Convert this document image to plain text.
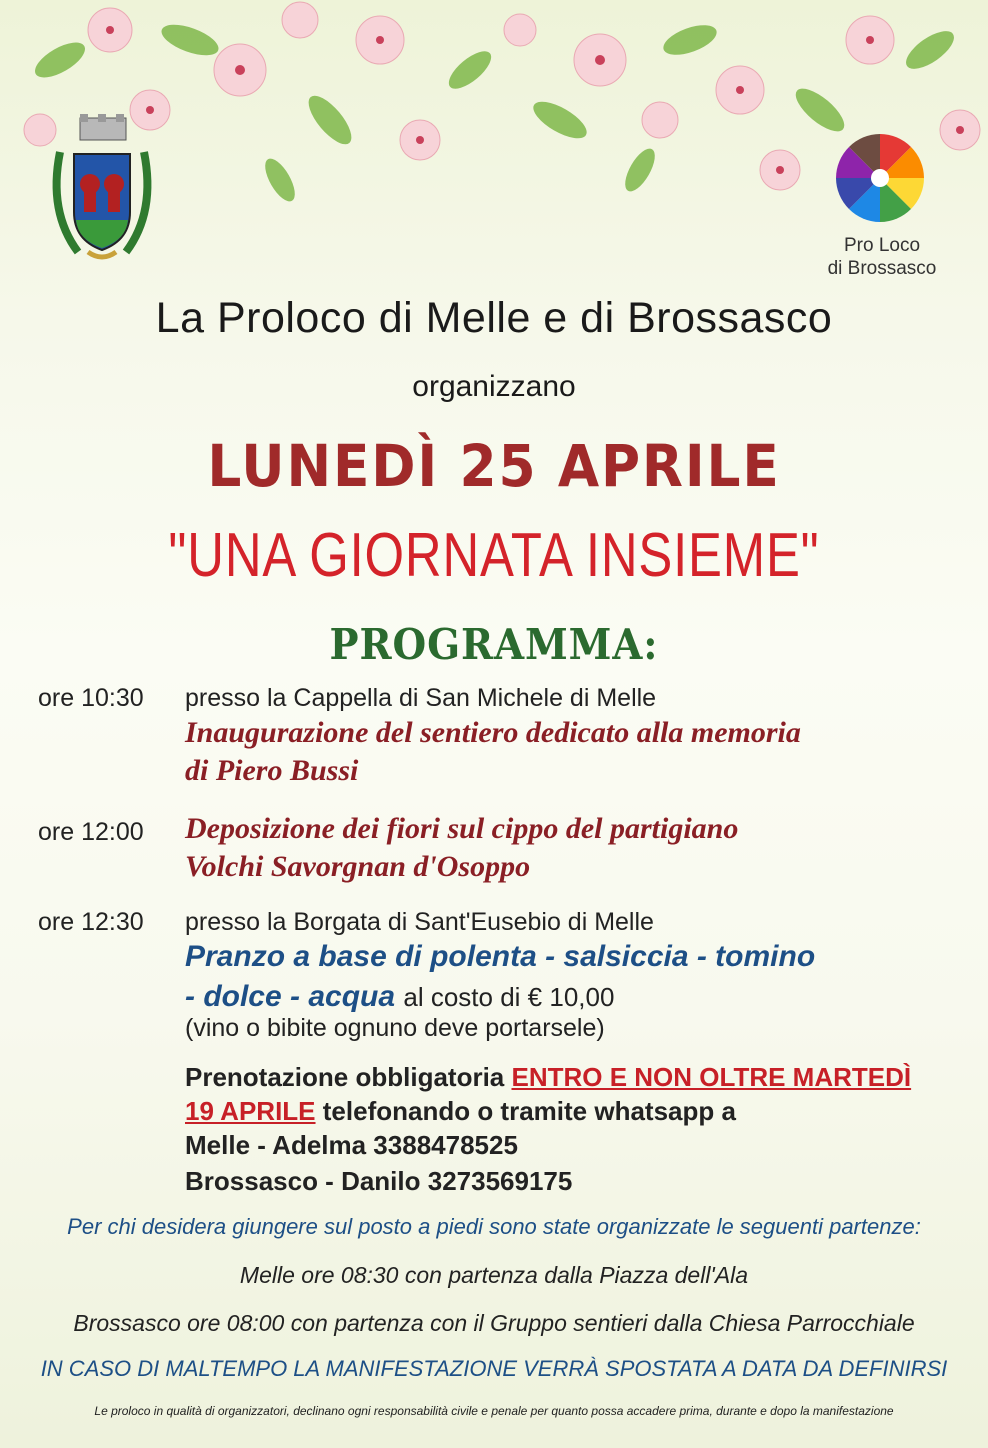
Pro Loco
di Brossasco
La Proloco di Melle e di Brossasco
organizzano
LUNEDÌ 25 APRILE
"UNA GIORNATA INSIEME"
PROGRAMMA:
ore 10:30 presso la Cappella di San Michele di Melle
Inaugurazione del sentiero dedicato alla memoria
di Piero Bussi
ore 12:00 Deposizione dei fiori sul cippo del partigiano
Volchi Savorgnan d'Osoppo
ore 12:30 presso la Borgata di Sant'Eusebio di Melle
Pranzo a base di polenta - salsiccia - tomino
- dolce - acqua al costo di € 10,00
(vino o bibite ognuno deve portarsele)
Prenotazione obbligatoria ENTRO E NON OLTRE MARTEDÌ
19 APRILE telefonando o tramite whatsapp a
Melle - Adelma 3388478525
Brossasco - Danilo 3273569175
Per chi desidera giungere sul posto a piedi sono state organizzate le seguenti partenze:
Melle ore 08:30 con partenza dalla Piazza dell'Ala
Brossasco ore 08:00 con partenza con il Gruppo sentieri dalla Chiesa Parrocchiale
IN CASO DI MALTEMPO LA MANIFESTAZIONE VERRÀ SPOSTATA A DATA DA DEFINIRSI
Le proloco in qualità di organizzatori, declinano ogni responsabilità civile e penale per quanto possa accadere prima, durante e dopo la manifestazione
